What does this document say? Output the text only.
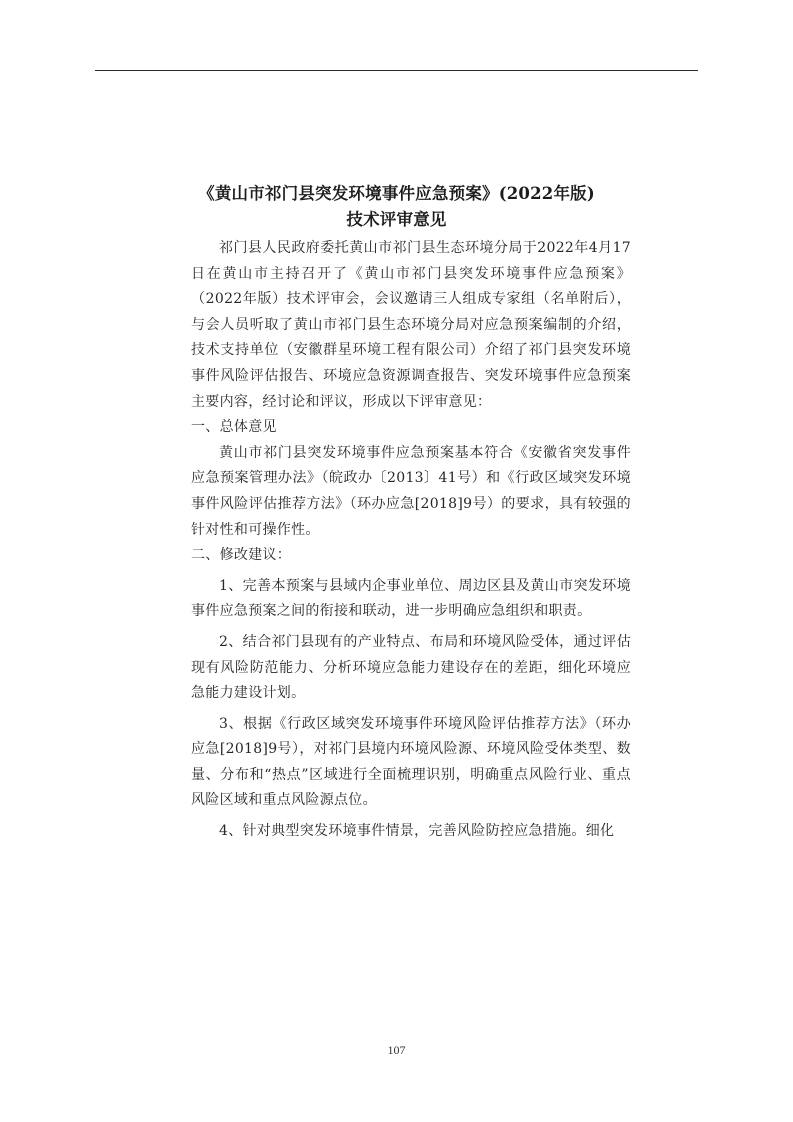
《黄山市祁门县突发环境事件应急预案》(2022年版)
技术评审意见

祁门县人民政府委托黄山市祁门县生态环境分局于2022年4月17日在黄山市主持召开了《黄山市祁门县突发环境事件应急预案》（2022年版）技术评审会，会议邀请三人组成专家组（名单附后），与会人员听取了黄山市祁门县生态环境分局对应急预案编制的介绍，技术支持单位（安徽群星环境工程有限公司）介绍了祁门县突发环境事件风险评估报告、环境应急资源调查报告、突发环境事件应急预案主要内容，经讨论和评议，形成以下评审意见：

一、总体意见

黄山市祁门县突发环境事件应急预案基本符合《安徽省突发事件应急预案管理办法》（皖政办〔2013〕41号）和《行政区域突发环境事件风险评估推荐方法》（环办应急[2018]9号）的要求，具有较强的针对性和可操作性。

二、修改建议：

1、完善本预案与县域内企事业单位、周边区县及黄山市突发环境事件应急预案之间的衔接和联动，进一步明确应急组织和职责。

2、结合祁门县现有的产业特点、布局和环境风险受体，通过评估现有风险防范能力、分析环境应急能力建设存在的差距，细化环境应急能力建设计划。

3、根据《行政区域突发环境事件环境风险评估推荐方法》（环办应急[2018]9号），对祁门县境内环境风险源、环境风险受体类型、数量、分布和“热点”区域进行全面梳理识别，明确重点风险行业、重点风险区域和重点风险源点位。

4、针对典型突发环境事件情景，完善风险防控应急措施。细化

107
